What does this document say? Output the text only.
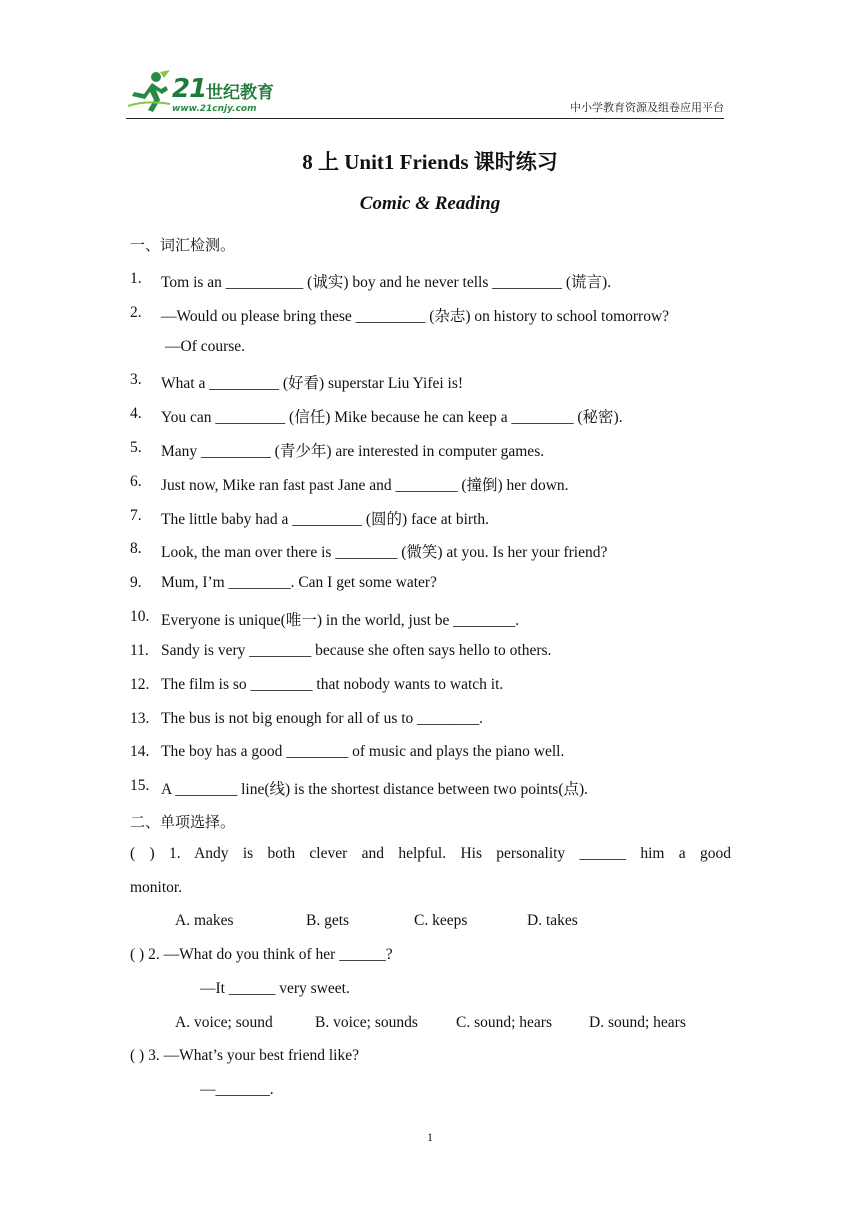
21 世纪教育
www.21cnjy.com	中小学教育资源及组卷应用平台
8 上 Unit1 Friends 课时练习
Comic & Reading
一、词汇检测。
1. Tom is an __________ (诚实) boy and he never tells _________ (谎言).
2. —Would ou please bring these _________ (杂志) on history to school tomorrow?
—Of course.
3. What a _________ (好看) superstar Liu Yifei is!
4. You can _________ (信任) Mike because he can keep a ________ (秘密).
5. Many _________ (青少年) are interested in computer games.
6. Just now, Mike ran fast past Jane and ________ (撞倒) her down.
7. The little baby had a _________ (圆的) face at birth.
8. Look, the man over there is ________ (微笑) at you. Is her your friend?
9. Mum, I’m ________. Can I get some water?
10. Everyone is unique(唯一) in the world, just be ________.
11. Sandy is very ________ because she often says hello to others.
12. The film is so ________ that nobody wants to watch it.
13. The bus is not big enough for all of us to ________.
14. The boy has a good ________ of music and plays the piano well.
15. A ________ line(线) is the shortest distance between two points(点).
二、单项选择。
( ) 1. Andy is both clever and helpful. His personality ______ him a good
monitor.
A. makes	B. gets	C. keeps	D. takes
( ) 2. —What do you think of her ______?
—It ______ very sweet.
A. voice; sound	B. voice; sounds C. sound; hears D. sound; hears
( ) 3. —What’s your best friend like?
—_______.
1
